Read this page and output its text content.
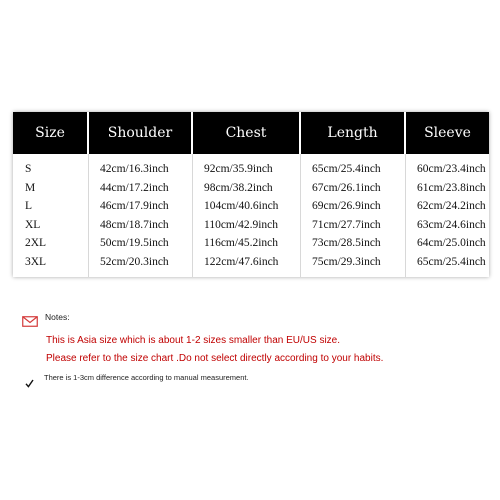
Size	Shoulder	Chest	Length	Sleeve
S	42cm/16.3inch	92cm/35.9inch	65cm/25.4inch	60cm/23.4inch
M	44cm/17.2inch	98cm/38.2inch	67cm/26.1inch	61cm/23.8inch
L	46cm/17.9inch	104cm/40.6inch	69cm/26.9inch	62cm/24.2inch
XL	48cm/18.7inch	110cm/42.9inch	71cm/27.7inch	63cm/24.6inch
2XL	50cm/19.5inch	116cm/45.2inch	73cm/28.5inch	64cm/25.0inch
3XL	52cm/20.3inch	122cm/47.6inch	75cm/29.3inch	65cm/25.4inch
Notes:
This is Asia size which is about 1-2 sizes smaller than EU/US size.
Please refer to the size chart .Do not select directly according to your habits.
There is 1-3cm difference according to manual measurement.
